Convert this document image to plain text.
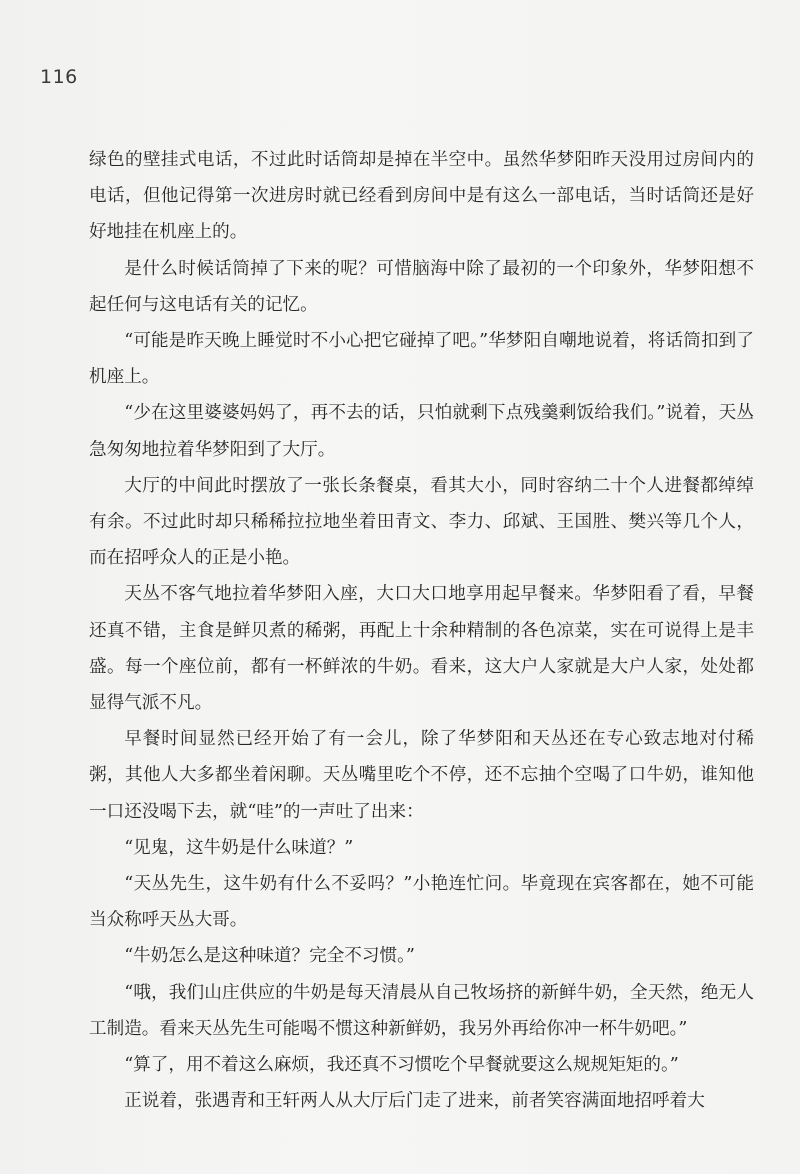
116

绿色的壁挂式电话，不过此时话筒却是掉在半空中。虽然华梦阳昨天没用过房间内的电话，但他记得第一次进房时就已经看到房间中是有这么一部电话，当时话筒还是好好地挂在机座上的。

是什么时候话筒掉了下来的呢？可惜脑海中除了最初的一个印象外，华梦阳想不起任何与这电话有关的记忆。

“可能是昨天晚上睡觉时不小心把它碰掉了吧。”华梦阳自嘲地说着，将话筒扣到了机座上。

“少在这里婆婆妈妈了，再不去的话，只怕就剩下点残羹剩饭给我们。”说着，天丛急匆匆地拉着华梦阳到了大厅。

大厅的中间此时摆放了一张长条餐桌，看其大小，同时容纳二十个人进餐都绰绰有余。不过此时却只稀稀拉拉地坐着田青文、李力、邱斌、王国胜、樊兴等几个人，而在招呼众人的正是小艳。

天丛不客气地拉着华梦阳入座，大口大口地享用起早餐来。华梦阳看了看，早餐还真不错，主食是鲜贝煮的稀粥，再配上十余种精制的各色凉菜，实在可说得上是丰盛。每一个座位前，都有一杯鲜浓的牛奶。看来，这大户人家就是大户人家，处处都显得气派不凡。

早餐时间显然已经开始了有一会儿，除了华梦阳和天丛还在专心致志地对付稀粥，其他人大多都坐着闲聊。天丛嘴里吃个不停，还不忘抽个空喝了口牛奶，谁知他一口还没喝下去，就“哇”的一声吐了出来：

“见鬼，这牛奶是什么味道？”

“天丛先生，这牛奶有什么不妥吗？”小艳连忙问。毕竟现在宾客都在，她不可能当众称呼天丛大哥。

“牛奶怎么是这种味道？完全不习惯。”

“哦，我们山庄供应的牛奶是每天清晨从自己牧场挤的新鲜牛奶，全天然，绝无人工制造。看来天丛先生可能喝不惯这种新鲜奶，我另外再给你冲一杯牛奶吧。”

“算了，用不着这么麻烦，我还真不习惯吃个早餐就要这么规规矩矩的。”

正说着，张遇青和王轩两人从大厅后门走了进来，前者笑容满面地招呼着大
